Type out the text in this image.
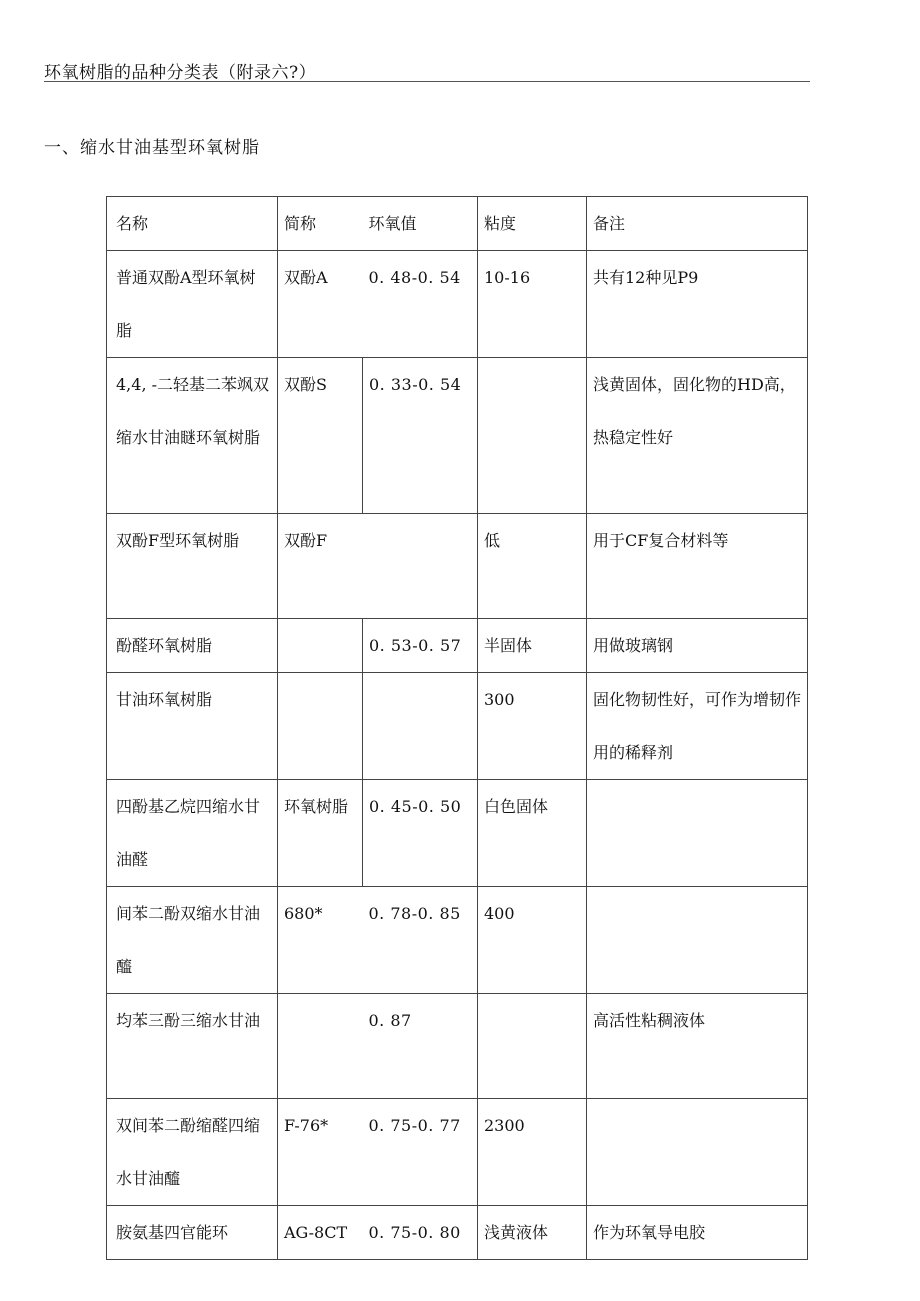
环氧树脂的品种分类表（附录六?）
一、缩水甘油基型环氧树脂
名称	简称	环氧值	粘度	备注
普通双酚A型环氧树脂	双酚A	0. 48-0. 54	10-16	共有12种见P9
4,4, -二轻基二苯飒双缩水甘油瞇环氧树脂	双酚S	0. 33-0. 54		浅黄固体，固化物的HD高，热稳定性好
双酚F型环氧树脂	双酚F		低	用于CF复合材料等
酚醛环氧树脂		0. 53-0. 57	半固体	用做玻璃钢
甘油环氧树脂			300	固化物韧性好，可作为增韧作用的稀释剂
四酚基乙烷四缩水甘油醛	环氧树脂	0. 45-0. 50	白色固体	
间苯二酚双缩水甘油醯	680*	0. 78-0. 85	400	
均苯三酚三缩水甘油		0. 87		高活性粘稠液体
双间苯二酚缩醛四缩水甘油醯	F-76*	0. 75-0. 77	2300	
胺氨基四官能环	AG-8CT	0. 75-0. 80	浅黄液体	作为环氧导电胶
